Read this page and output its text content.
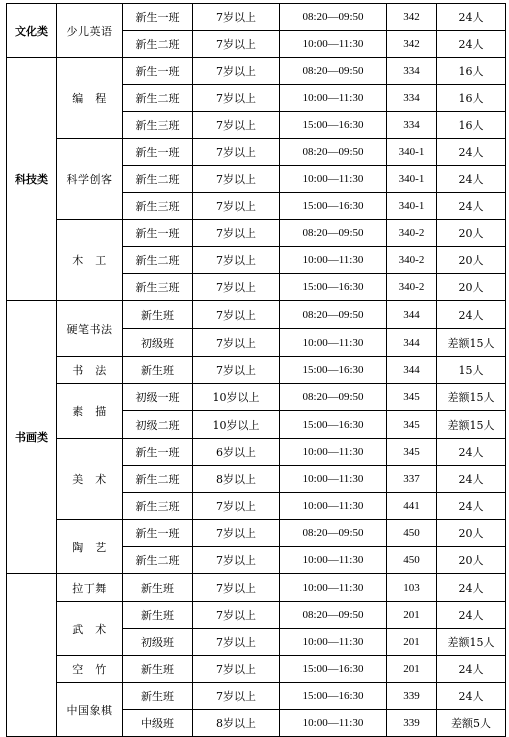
文化类	少儿英语	新生一班	7岁以上	08:20—09:50	342	24人
		新生二班	7岁以上	10:00—11:30	342	24人
科技类	编　程	新生一班	7岁以上	08:20—09:50	334	16人
		新生二班	7岁以上	10:00—11:30	334	16人
		新生三班	7岁以上	15:00—16:30	334	16人
	科学创客	新生一班	7岁以上	08:20—09:50	340-1	24人
		新生二班	7岁以上	10:00—11:30	340-1	24人
		新生三班	7岁以上	15:00—16:30	340-1	24人
	木　工	新生一班	7岁以上	08:20—09:50	340-2	20人
		新生二班	7岁以上	10:00—11:30	340-2	20人
		新生三班	7岁以上	15:00—16:30	340-2	20人
书画类	硬笔书法	新生班	7岁以上	08:20—09:50	344	24人
		初级班	7岁以上	10:00—11:30	344	差额15人
	书　法	新生班	7岁以上	15:00—16:30	344	15人
	素　描	初级一班	10岁以上	08:20—09:50	345	差额15人
		初级二班	10岁以上	15:00—16:30	345	差额15人
	美　术	新生一班	6岁以上	10:00—11:30	345	24人
		新生二班	8岁以上	10:00—11:30	337	24人
		新生三班	7岁以上	10:00—11:30	441	24人
	陶　艺	新生一班	7岁以上	08:20—09:50	450	20人
		新生二班	7岁以上	10:00—11:30	450	20人
	拉丁舞	新生班	7岁以上	10:00—11:30	103	24人
	武　术	新生班	7岁以上	08:20—09:50	201	24人
		初级班	7岁以上	10:00—11:30	201	差额15人
	空　竹	新生班	7岁以上	15:00—16:30	201	24人
	中国象棋	新生班	7岁以上	15:00—16:30	339	24人
		中级班	8岁以上	10:00—11:30	339	差额5人
